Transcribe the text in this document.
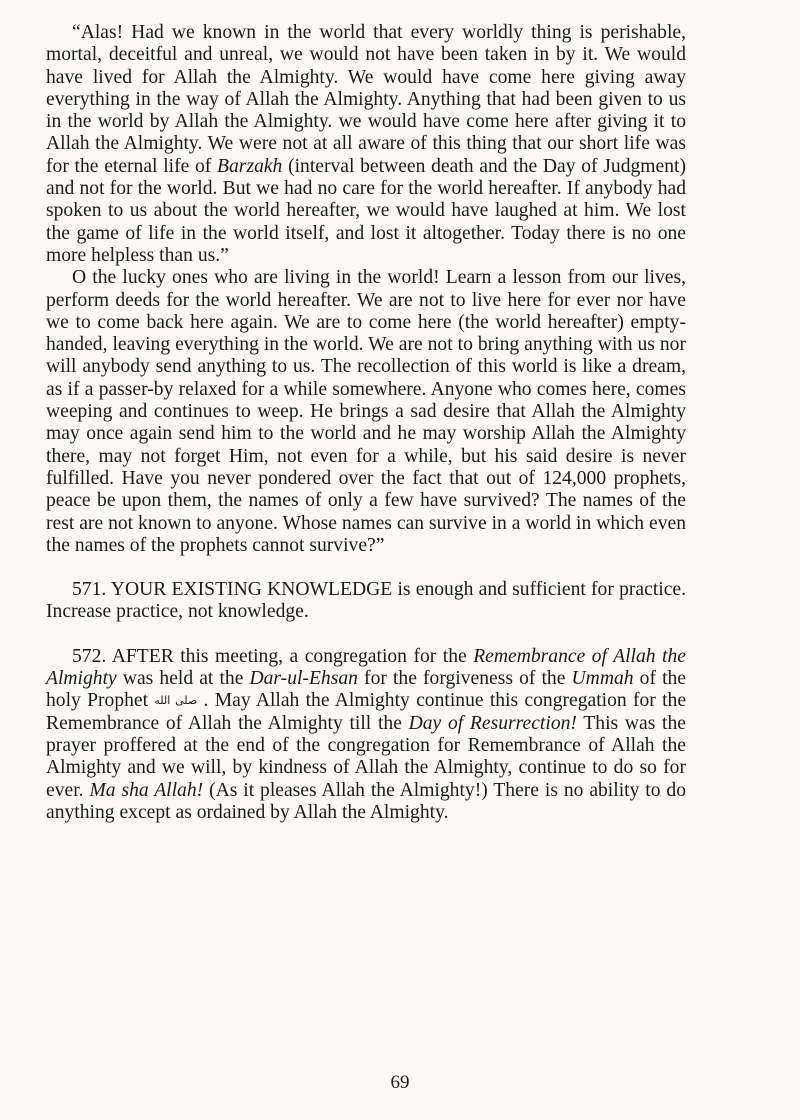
“Alas! Had we known in the world that every worldly thing is perishable, mortal, deceitful and unreal, we would not have been taken in by it. We would have lived for Allah the Almighty. We would have come here giving away everything in the way of Allah the Almighty. Anything that had been given to us in the world by Allah the Almighty. we would have come here after giving it to Allah the Almighty. We were not at all aware of this thing that our short life was for the eternal life of Barzakh (interval between death and the Day of Judgment) and not for the world. But we had no care for the world hereafter. If anybody had spoken to us about the world hereafter, we would have laughed at him. We lost the game of life in the world itself, and lost it altogether. Today there is no one more helpless than us.”

O the lucky ones who are living in the world! Learn a lesson from our lives, perform deeds for the world hereafter. We are not to live here for ever nor have we to come back here again. We are to come here (the world hereafter) empty-handed, leaving everything in the world. We are not to bring anything with us nor will anybody send anything to us. The recollection of this world is like a dream, as if a passer-by relaxed for a while somewhere. Anyone who comes here, comes weeping and continues to weep. He brings a sad desire that Allah the Almighty may once again send him to the world and he may worship Allah the Almighty there, may not forget Him, not even for a while, but his said desire is never fulfilled. Have you never pondered over the fact that out of 124,000 prophets, peace be upon them, the names of only a few have survived? The names of the rest are not known to anyone. Whose names can survive in a world in which even the names of the prophets cannot survive?”

571. YOUR EXISTING KNOWLEDGE is enough and sufficient for practice. Increase practice, not knowledge.

572. AFTER this meeting, a congregation for the Remembrance of Allah the Almighty was held at the Dar-ul-Ehsan for the forgiveness of the Ummah of the holy Prophet صلی الله . May Allah the Almighty continue this congregation for the Remembrance of Allah the Almighty till the Day of Resurrection! This was the prayer proffered at the end of the congregation for Remembrance of Allah the Almighty and we will, by kindness of Allah the Almighty, continue to do so for ever. Ma sha Allah! (As it pleases Allah the Almighty!) There is no ability to do anything except as ordained by Allah the Almighty.

69
